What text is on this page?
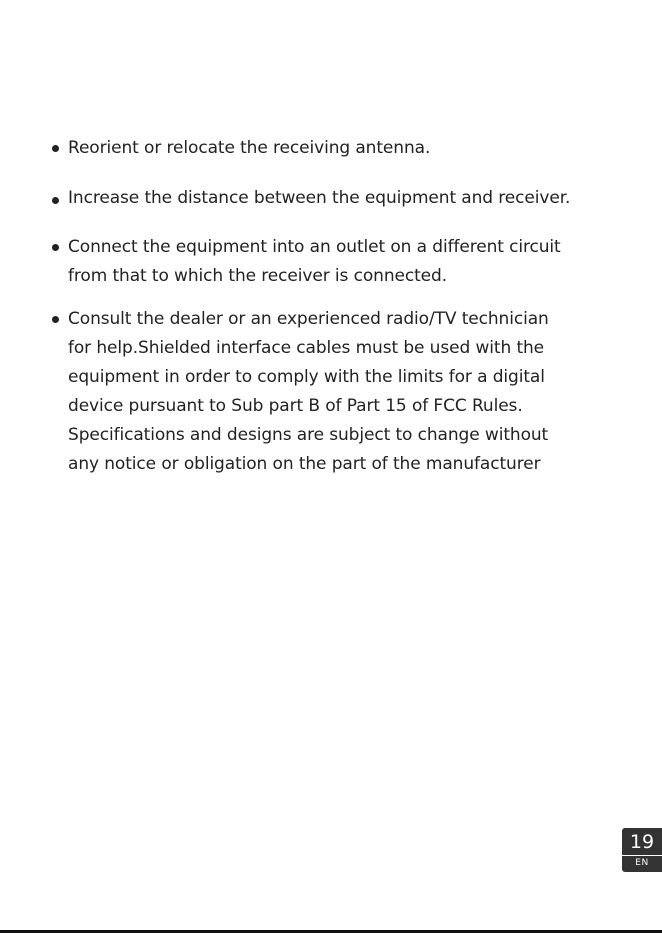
Reorient or relocate the receiving antenna.
Increase the distance between the equipment and receiver.
Connect the equipment into an outlet on a different circuit
from that to which the receiver is connected.
Consult the dealer or an experienced radio/TV technician
for help.Shielded interface cables must be used with the
equipment in order to comply with the limits for a digital
device pursuant to Sub part B of Part 15 of FCC Rules.
Specifications and designs are subject to change without
any notice or obligation on the part of the manufacturer
19
EN
